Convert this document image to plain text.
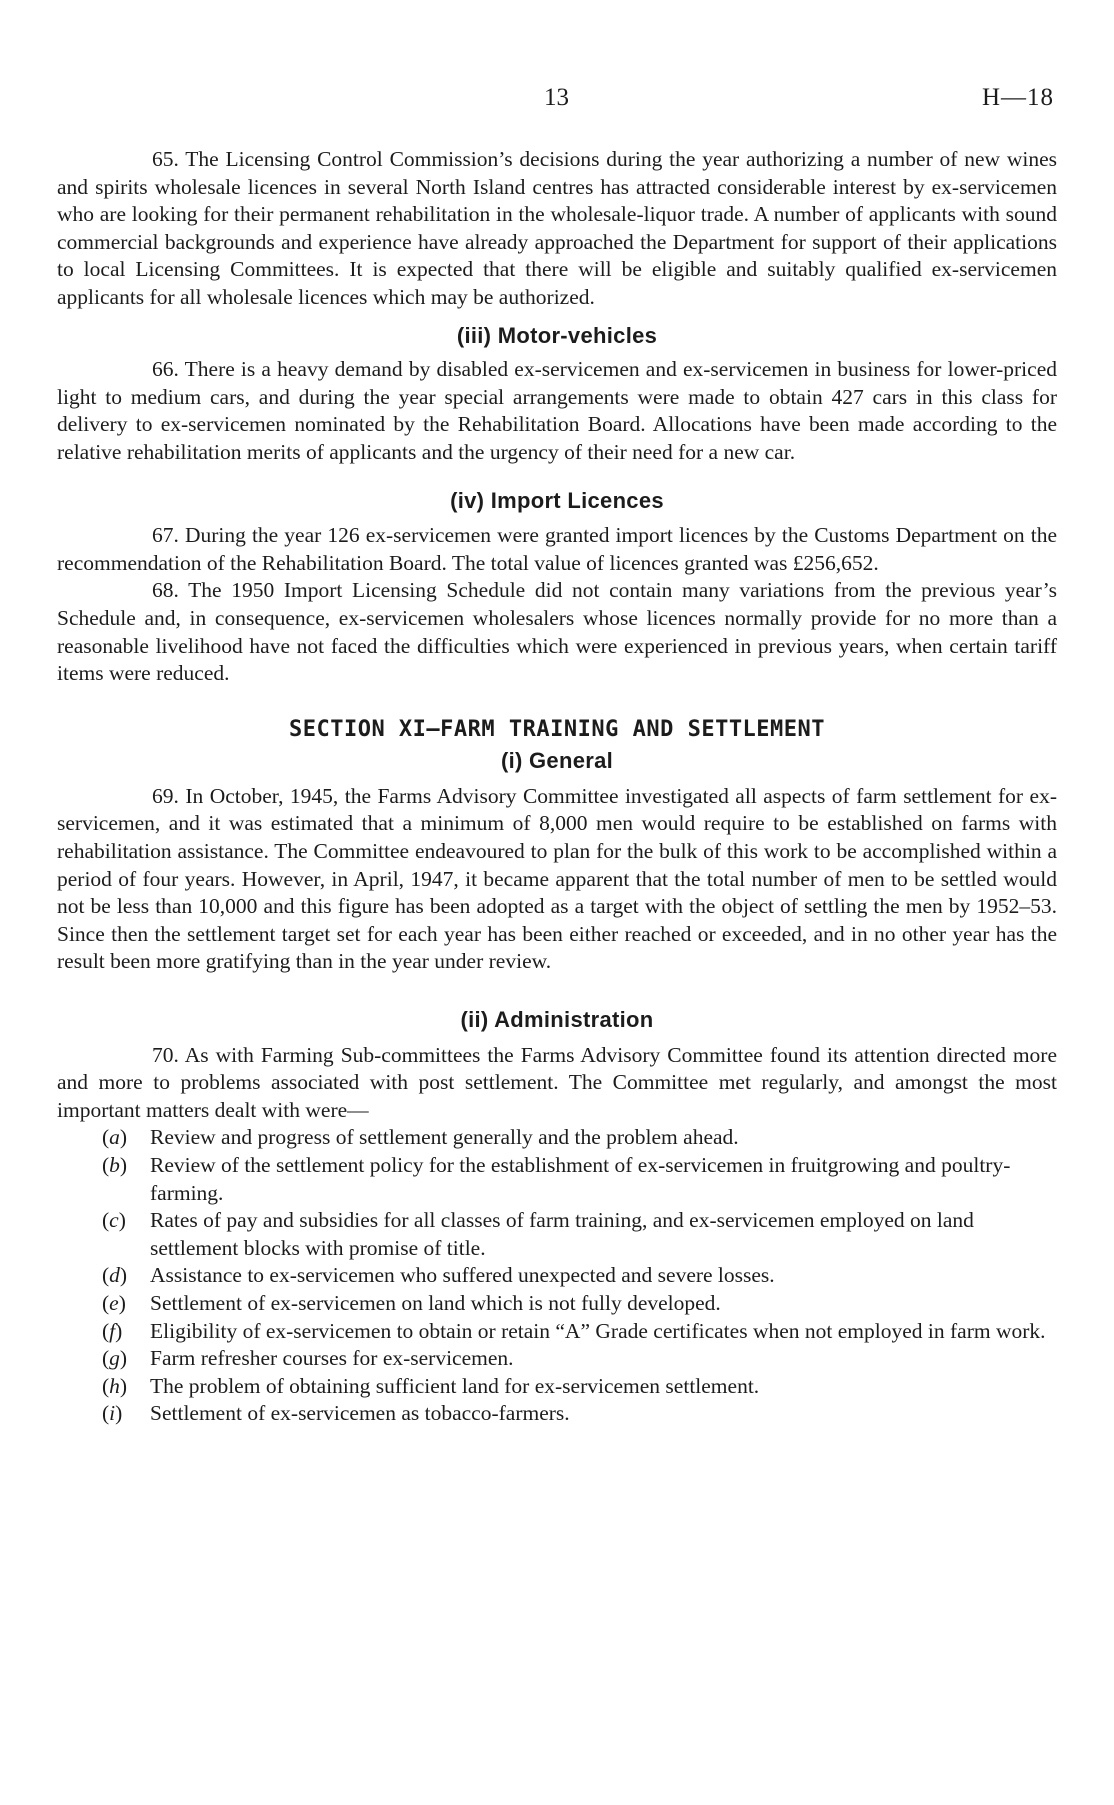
13	H—18

65. The Licensing Control Commission’s decisions during the year authorizing a number of new wines and spirits wholesale licences in several North Island centres has attracted considerable interest by ex-servicemen who are looking for their permanent rehabilitation in the wholesale-liquor trade. A number of applicants with sound commercial backgrounds and experience have already approached the Department for support of their applications to local Licensing Committees. It is expected that there will be eligible and suitably qualified ex-servicemen applicants for all wholesale licences which may be authorized.

(iii) Motor-vehicles

66. There is a heavy demand by disabled ex-servicemen and ex-servicemen in business for lower-priced light to medium cars, and during the year special arrangements were made to obtain 427 cars in this class for delivery to ex-servicemen nominated by the Rehabilitation Board. Allocations have been made according to the relative rehabilitation merits of applicants and the urgency of their need for a new car.

(iv) Import Licences

67. During the year 126 ex-servicemen were granted import licences by the Customs Department on the recommendation of the Rehabilitation Board. The total value of licences granted was £256,652.

68. The 1950 Import Licensing Schedule did not contain many variations from the previous year’s Schedule and, in consequence, ex-servicemen wholesalers whose licences normally provide for no more than a reasonable livelihood have not faced the difficulties which were experienced in previous years, when certain tariff items were reduced.

SECTION XI—FARM TRAINING AND SETTLEMENT
(i) General

69. In October, 1945, the Farms Advisory Committee investigated all aspects of farm settlement for ex-servicemen, and it was estimated that a minimum of 8,000 men would require to be established on farms with rehabilitation assistance. The Committee endeavoured to plan for the bulk of this work to be accomplished within a period of four years. However, in April, 1947, it became apparent that the total number of men to be settled would not be less than 10,000 and this figure has been adopted as a target with the object of settling the men by 1952–53. Since then the settlement target set for each year has been either reached or exceeded, and in no other year has the result been more gratifying than in the year under review.

(ii) Administration

70. As with Farming Sub-committees the Farms Advisory Committee found its attention directed more and more to problems associated with post settlement. The Committee met regularly, and amongst the most important matters dealt with were—

(a) Review and progress of settlement generally and the problem ahead.
(b) Review of the settlement policy for the establishment of ex-servicemen in fruitgrowing and poultry-farming.
(c) Rates of pay and subsidies for all classes of farm training, and ex-servicemen employed on land settlement blocks with promise of title.
(d) Assistance to ex-servicemen who suffered unexpected and severe losses.
(e) Settlement of ex-servicemen on land which is not fully developed.
(f) Eligibility of ex-servicemen to obtain or retain “A” Grade certificates when not employed in farm work.
(g) Farm refresher courses for ex-servicemen.
(h) The problem of obtaining sufficient land for ex-servicemen settlement.
(i) Settlement of ex-servicemen as tobacco-farmers.
